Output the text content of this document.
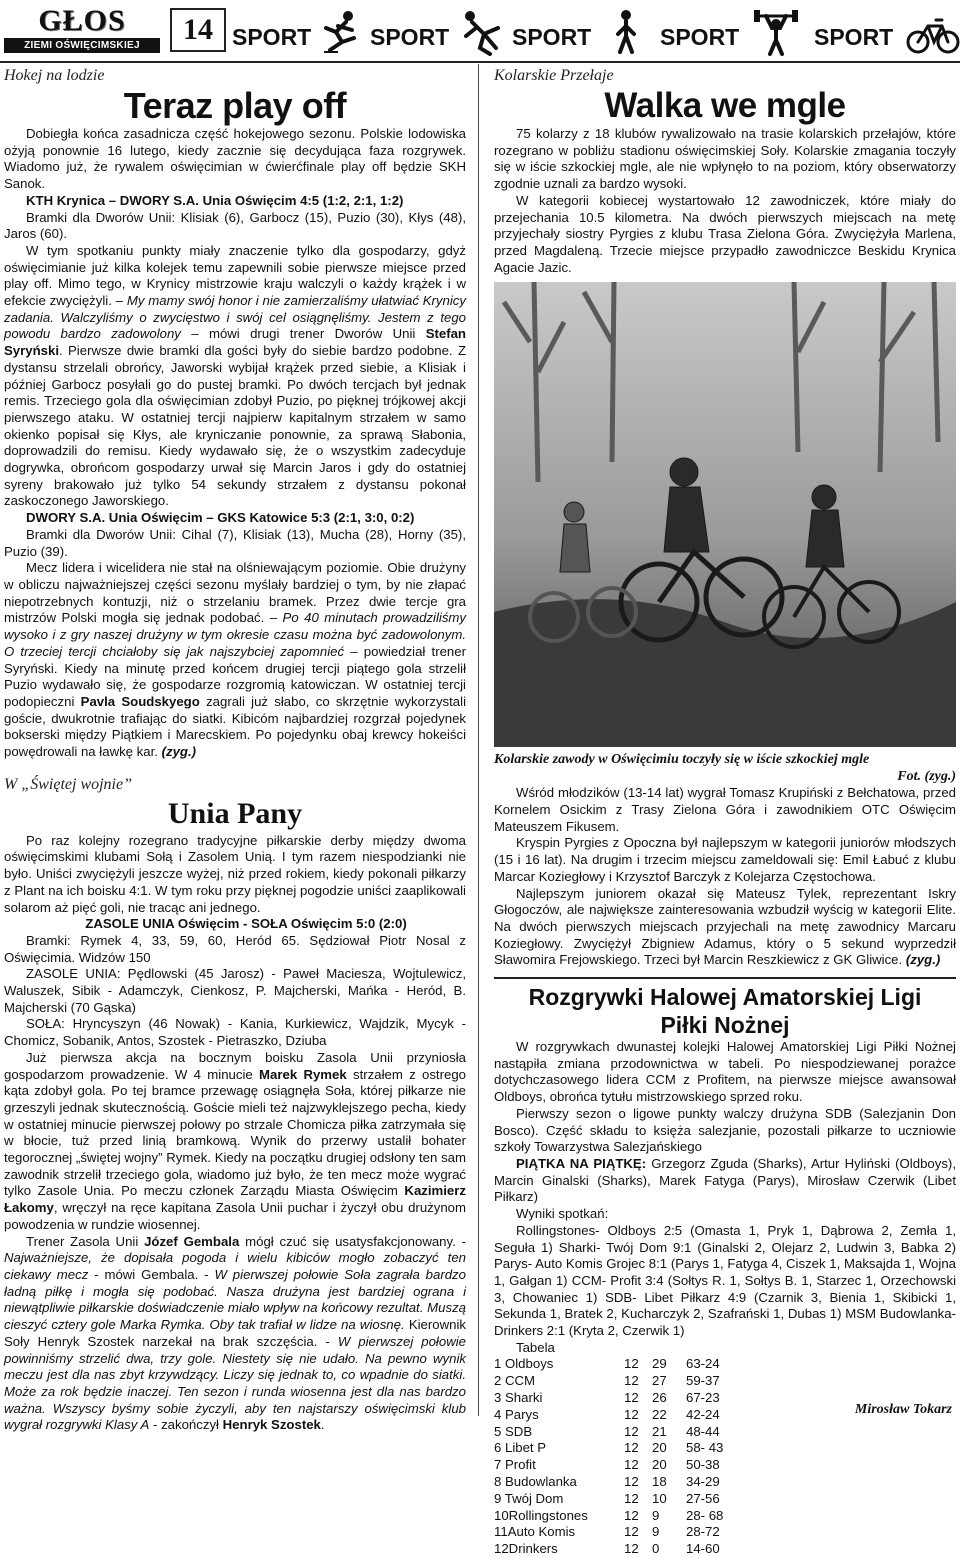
GŁOS
ZIEMI OŚWIĘCIMSKIEJ	14 SPORT	SPORT	SPORT	SPORT	SPORT
Hokej na lodzie
Teraz play off

Dobiegła końca zasadnicza część hokejowego sezonu. Polskie lodowiska ożyją ponownie 16 lutego, kiedy zacznie się decydująca faza rozgrywek. Wiadomo już, że rywalem oświęcimian w ćwierćfinale play off będzie SKH Sanok.

KTH Krynica – DWORY S.A. Unia Oświęcim 4:5 (1:2, 2:1, 1:2)

Bramki dla Dworów Unii: Klisiak (6), Garbocz (15), Puzio (30), Kłys (48), Jaros (60).

W tym spotkaniu punkty miały znaczenie tylko dla gospodarzy, gdyż oświęcimianie już kilka kolejek temu zapewnili sobie pierwsze miejsce przed play off. Mimo tego, w Krynicy mistrzowie kraju walczyli o każdy krążek i w efekcie zwyciężyli. – My mamy swój honor i nie zamierzaliśmy ułatwiać Krynicy zadania. Walczyliśmy o zwycięstwo i swój cel osiągnęliśmy. Jestem z tego powodu bardzo zadowolony – mówi drugi trener Dworów Unii Stefan Syryński. Pierwsze dwie bramki dla gości były do siebie bardzo podobne. Z dystansu strzelali obrońcy, Jaworski wybijał krążek przed siebie, a Klisiak i później Garbocz posyłali go do pustej bramki. Po dwóch tercjach był jednak remis. Trzeciego gola dla oświęcimian zdobył Puzio, po pięknej trójkowej akcji pierwszego ataku. W ostatniej tercji najpierw kapitalnym strzałem w samo okienko popisał się Kłys, ale kryniczanie ponownie, za sprawą Słabonia, doprowadzili do remisu. Kiedy wydawało się, że o wszystkim zadecyduje dogrywka, obrońcom gospodarzy urwał się Marcin Jaros i gdy do ostatniej syreny brakowało już tylko 54 sekundy strzałem z dystansu pokonał zaskoczonego Jaworskiego.

DWORY S.A. Unia Oświęcim – GKS Katowice 5:3 (2:1, 3:0, 0:2)

Bramki dla Dworów Unii: Cihal (7), Klisiak (13), Mucha (28), Horny (35), Puzio (39).

Mecz lidera i wicelidera nie stał na olśniewającym poziomie. Obie drużyny w obliczu najważniejszej części sezonu myślały bardziej o tym, by nie złapać niepotrzebnych kontuzji, niż o strzelaniu bramek. Przez dwie tercje gra mistrzów Polski mogła się jednak podobać. – Po 40 minutach prowadziliśmy wysoko i z gry naszej drużyny w tym okresie czasu można być zadowolonym. O trzeciej tercji chciałoby się jak najszybciej zapomnieć – powiedział trener Syryński. Kiedy na minutę przed końcem drugiej tercji piątego gola strzelił Puzio wydawało się, że gospodarze rozgromią katowiczan. W ostatniej tercji podopieczni Pavla Soudskyego zagrali już słabo, co skrzętnie wykorzystali goście, dwukrotnie trafiając do siatki. Kibicóm najbardziej rozgrzał pojedynek bokserski między Piątkiem i Marecskiem. Po pojedynku obaj krewcy hokeiści powędrowali na ławkę kar. (zyg.)

W „Świętej wojnie”
Unia Pany

Po raz kolejny rozegrano tradycyjne piłkarskie derby między dwoma oświęcimskimi klubami Sołą i Zasolem Unią. I tym razem niespodzianki nie było. Uniści zwyciężyli jeszcze wyżej, niż przed rokiem, kiedy pokonali piłkarzy z Plant na ich boisku 4:1. W tym roku przy pięknej pogodzie uniści zaaplikowali solarom aż pięć goli, nie tracąc ani jednego.

ZASOLE UNIA Oświęcim - SOŁA Oświęcim 5:0 (2:0)

Bramki: Rymek 4, 33, 59, 60, Heród 65. Sędziował Piotr Nosal z Oświęcimia. Widzów 150

ZASOLE UNIA: Pędlowski (45 Jarosz) - Paweł Maciesza, Wojtulewicz, Waluszek, Sibik - Adamczyk, Cienkosz, P. Majcherski, Mańka - Heród, B. Majcherski (70 Gąska)

SOŁA: Hryncyszyn (46 Nowak) - Kania, Kurkiewicz, Wajdzik, Mycyk - Chomicz, Sobanik, Antos, Szostek - Pietraszko, Dziuba

Już pierwsza akcja na bocznym boisku Zasola Unii przyniosła gospodarzom prowadzenie. W 4 minucie Marek Rymek strzałem z ostrego kąta zdobył gola. Po tej bramce przewagę osiągnęła Soła, której piłkarze nie grzeszyli jednak skutecznością. Goście mieli też najzwyklejszego pecha, kiedy w ostatniej minucie pierwszej połowy po strzale Chomicza piłka zatrzymała się w błocie, tuż przed linią bramkową. Wynik do przerwy ustalił bohater tegorocznej „świętej wojny” Rymek. Kiedy na początku drugiej odsłony ten sam zawodnik strzelił trzeciego gola, wiadomo już było, że ten mecz może wygrać tylko Zasole Unia. Po meczu członek Zarządu Miasta Oświęcim Kazimierz Łakomy, wręczył na ręce kapitana Zasola Unii puchar i życzył obu drużynom powodzenia w rundzie wiosennej.

Trener Zasola Unii Józef Gembala mógł czuć się usatysfakcjonowany. - Najważniejsze, że dopisała pogoda i wielu kibiców mogło zobaczyć ten ciekawy mecz - mówi Gembala. - W pierwszej połowie Soła zagrała bardzo ładną piłkę i mogła się podobać. Nasza drużyna jest bardziej ograna i niewątpliwie piłkarskie doświadczenie miało wpływ na końcowy rezultat. Muszą cieszyć cztery gole Marka Rymka. Oby tak trafiał w lidze na wiosnę. Kierownik Soły Henryk Szostek narzekał na brak szczęścia. - W pierwszej połowie powinniśmy strzelić dwa, trzy gole. Niestety się nie udało. Na pewno wynik meczu jest dla nas zbyt krzywdzący. Liczy się jednak to, co wpadnie do siatki. Może za rok będzie inaczej. Ten sezon i runda wiosenna jest dla nas bardzo ważna. Wszyscy byśmy sobie życzyli, aby ten najstarszy oświęcimski klub wygrał rozgrywki Klasy A - zakończył Henryk Szostek.

Kolarskie Przełaje
Walka we mgle

75 kolarzy z 18 klubów rywalizowało na trasie kolarskich przełajów, które rozegrano w pobliżu stadionu oświęcimskiej Soły. Kolarskie zmagania toczyły się w iście szkockiej mgle, ale nie wpłynęło to na poziom, który obserwatorzy zgodnie uznali za bardzo wysoki.

W kategorii kobiecej wystartowało 12 zawodniczek, które miały do przejechania 10.5 kilometra. Na dwóch pierwszych miejscach na metę przyjechały siostry Pyrgies z klubu Trasa Zielona Góra. Zwyciężyła Marlena, przed Magdaleną. Trzecie miejsce przypadło zawodniczce Beskidu Krynica Agacie Jazic.

Kolarskie zawody w Oświęcimiu toczyły się w iście szkockiej mgle
Fot. (zyg.)

Wśród młodzików (13-14 lat) wygrał Tomasz Krupiński z Bełchatowa, przed Kornelem Osickim z Trasy Zielona Góra i zawodnikiem OTC Oświęcim Mateuszem Fikusem.

Kryspin Pyrgies z Opoczna był najlepszym w kategorii juniorów młodszych (15 i 16 lat). Na drugim i trzecim miejscu zameldowali się: Emil Łabuć z klubu Marcar Koziegłowy i Krzysztof Barczyk z Kolejarza Częstochowa.

Najlepszym juniorem okazał się Mateusz Tylek, reprezentant Iskry Głogoczów, ale największe zainteresowania wzbudził wyścig w kategorii Elite. Na dwóch pierwszych miejscach przyjechali na metę zawodnicy Marcaru Koziegłowy. Zwyciężył Zbigniew Adamus, który o 5 sekund wyprzedził Sławomira Frejowskiego. Trzeci był Marcin Reszkiewicz z GK Gliwice. (zyg.)

Rozgrywki Halowej Amatorskiej Ligi
Piłki Nożnej

W rozgrywkach dwunastej kolejki Halowej Amatorskiej Ligi Piłki Nożnej nastąpiła zmiana przodownictwa w tabeli. Po niespodziewanej porażce dotychczasowego lidera CCM z Profitem, na pierwsze miejsce awansował Oldboys, obrońca tytułu mistrzowskiego sprzed roku.

Pierwszy sezon o ligowe punkty walczy drużyna SDB (Salezjanin Don Bosco). Część składu to księża salezjanie, pozostali piłkarze to uczniowie szkoły Towarzystwa Salezjańskiego

PIĄTKA NA PIĄTKĘ: Grzegorz Zguda (Sharks), Artur Hyliński (Oldboys), Marcin Ginalski (Sharks), Marek Fatyga (Parys), Mirosław Czerwik (Libet Piłkarz)

Wyniki spotkań:

Rollingstones- Oldboys 2:5 (Omasta 1, Pryk 1, Dąbrowa 2, Zemła 1, Seguła 1) Sharki- Twój Dom 9:1 (Ginalski 2, Olejarz 2, Ludwin 3, Babka 2) Parys- Auto Komis Grojec 8:1 (Parys 1, Fatyga 4, Ciszek 1, Maksajda 1, Wojna 1, Gałgan 1) CCM- Profit 3:4 (Sołtys R. 1, Sołtys B. 1, Starzec 1, Orzechowski 3, Chowaniec 1) SDB- Libet Piłkarz 4:9 (Czarnik 3, Bienia 1, Skibicki 1, Sekunda 1, Bratek 2, Kucharczyk 2, Szafrański 1, Dubas 1) MSM Budowlanka- Drinkers 2:1 (Kryta 2, Czerwik 1)

Tabela

1 Oldboys	12	29	63-24
2 CCM	12	27	59-37
3 Sharki	12	26	67-23
4 Parys	12	22	42-24
5 SDB	12	21	48-44
6 Libet P	12	20	58- 43
7 Profit	12	20	50-38
8 Budowlanka	12	18	34-29
9 Twój Dom	12	10	27-56
10Rollingstones	12	9	28- 68
11Auto Komis	12	9	28-72
12Drinkers	12	0	14-60
Mirosław Tokarz
